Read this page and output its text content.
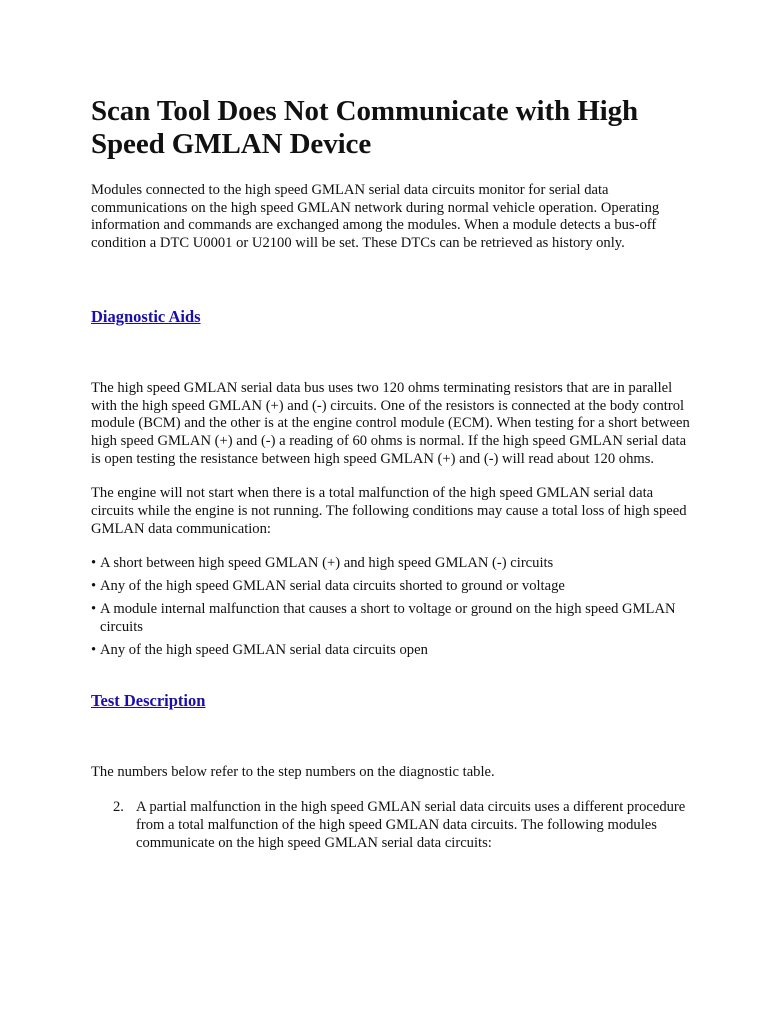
Scan Tool Does Not Communicate with High Speed GMLAN Device

Modules connected to the high speed GMLAN serial data circuits monitor for serial data communications on the high speed GMLAN network during normal vehicle operation. Operating information and commands are exchanged among the modules. When a module detects a bus-off condition a DTC U0001 or U2100 will be set. These DTCs can be retrieved as history only.

Diagnostic Aids

The high speed GMLAN serial data bus uses two 120 ohms terminating resistors that are in parallel with the high speed GMLAN (+) and (-) circuits. One of the resistors is connected at the body control module (BCM) and the other is at the engine control module (ECM). When testing for a short between high speed GMLAN (+) and (-) a reading of 60 ohms is normal. If the high speed GMLAN serial data is open testing the resistance between high speed GMLAN (+) and (-) will read about 120 ohms.

The engine will not start when there is a total malfunction of the high speed GMLAN serial data circuits while the engine is not running. The following conditions may cause a total loss of high speed GMLAN data communication:

• A short between high speed GMLAN (+) and high speed GMLAN (-) circuits
• Any of the high speed GMLAN serial data circuits shorted to ground or voltage
• A module internal malfunction that causes a short to voltage or ground on the high speed GMLAN circuits
• Any of the high speed GMLAN serial data circuits open
Test Description

The numbers below refer to the step numbers on the diagnostic table.

2. A partial malfunction in the high speed GMLAN serial data circuits uses a different procedure from a total malfunction of the high speed GMLAN data circuits. The following modules communicate on the high speed GMLAN serial data circuits:
